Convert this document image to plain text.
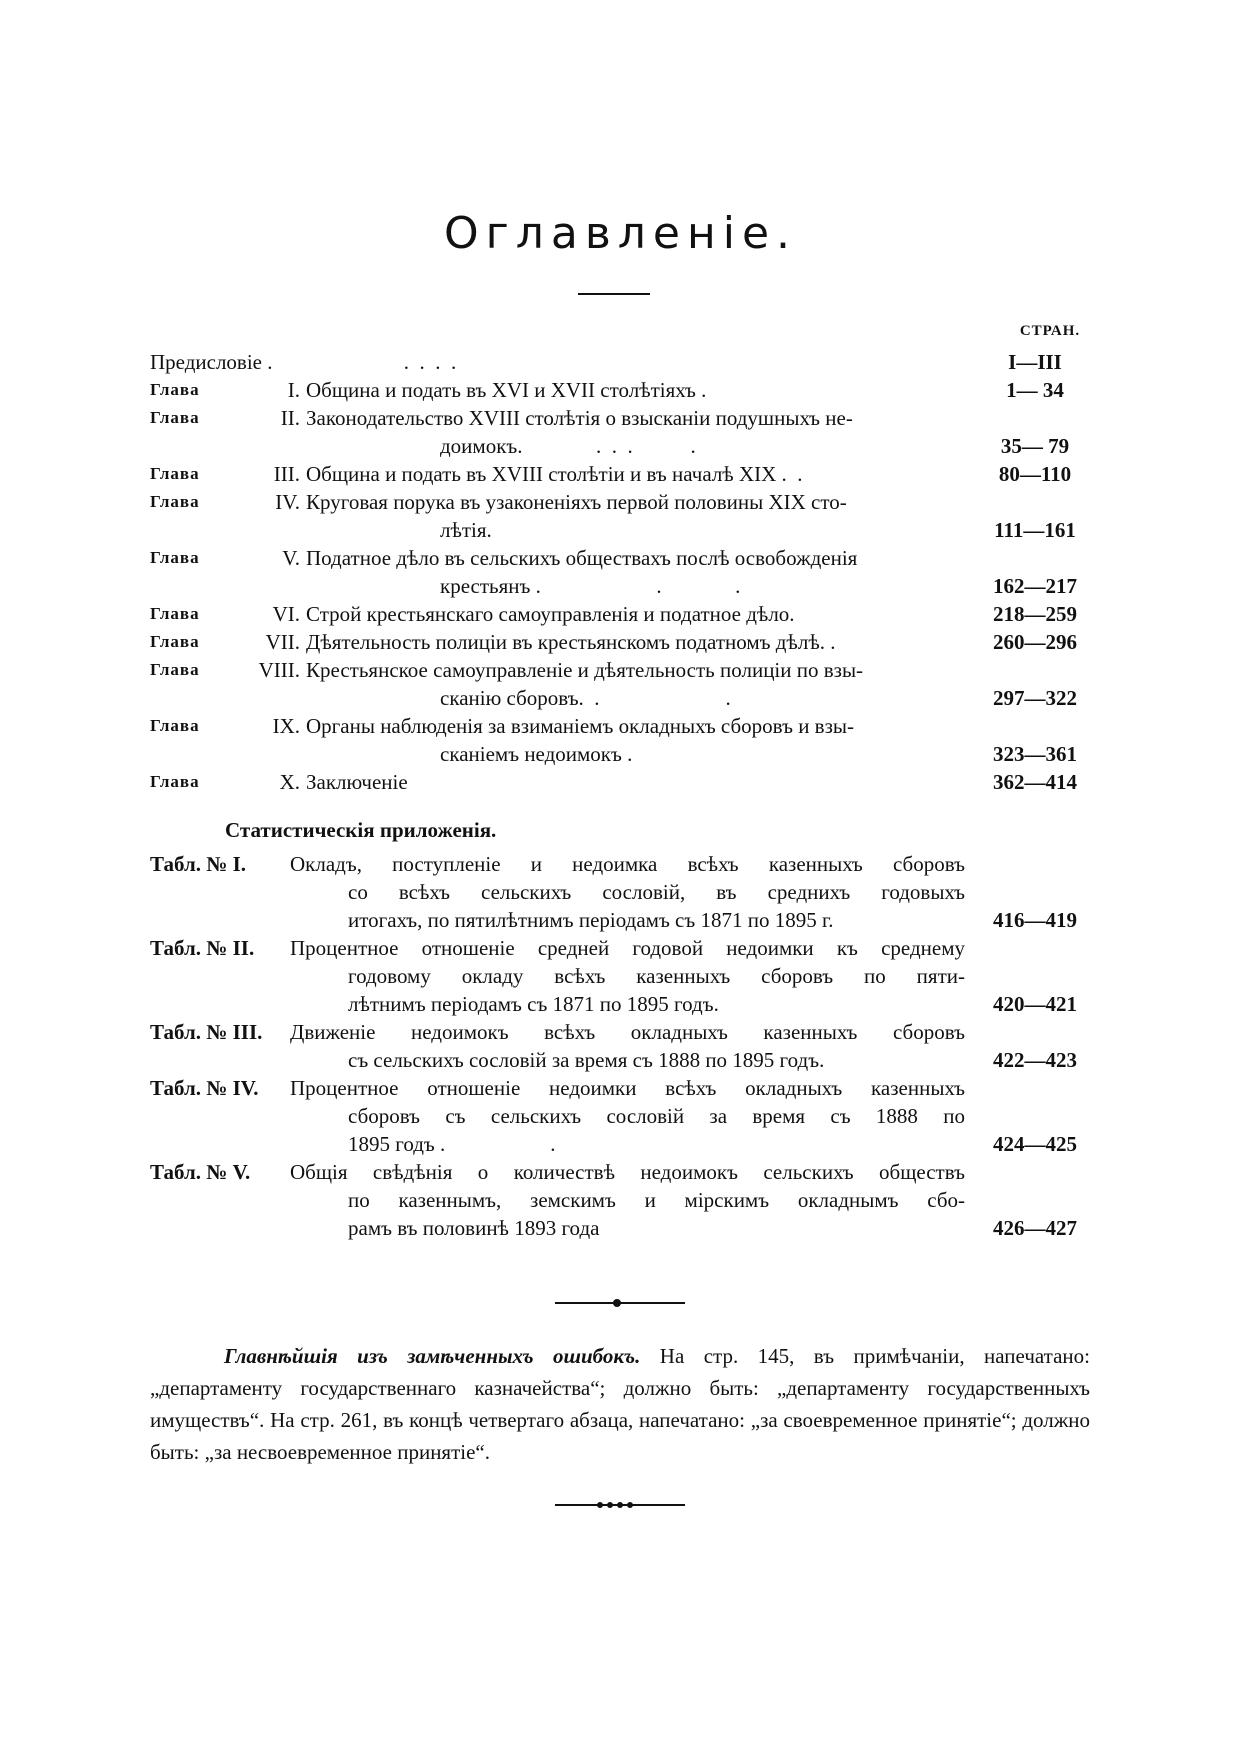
Оглавленіе.
СТРАН.
Предисловіе .                         .  .  .  .	I—III
Глава	I. Община и подать въ XVI и XVII столѣтіяхъ .	1— 34
Глава	II. Законодательство XVIII столѣтія о взысканіи подушныхъ не-
доимокъ.              .  .  .           .	35— 79
Глава	III. Община и подать въ XVIII столѣтіи и въ началѣ XIX .  .	80—110
Глава	IV. Круговая порука въ узаконеніяхъ первой половины XIX сто-
лѣтія.	111—161
Глава	V. Податное дѣло въ сельскихъ обществахъ послѣ освобожденія
крестьянъ .                      .              .	162—217
Глава	VI. Строй крестьянскаго самоуправленія и податное дѣло.	218—259
Глава	VII. Дѣятельность полиціи въ крестьянскомъ податномъ дѣлѣ. .	260—296
Глава	VIII. Крестьянское самоуправленіе и дѣятельность полиціи по взы-
сканію сборовъ.  .                        .	297—322
Глава	IX. Органы наблюденія за взиманіемъ окладныхъ сборовъ и взы-
сканіемъ недоимокъ .	323—361
Глава	X. Заключеніе	362—414
Статистическія приложенія.
Табл. № I. Окладъ, поступленіе и недоимка всѣхъ казенныхъ сборовъ
со всѣхъ сельскихъ сословій, въ среднихъ годовыхъ
итогахъ, по пятилѣтнимъ періодамъ съ 1871 по 1895 г.	416—419
Табл. № II. Процентное отношеніе средней годовой недоимки къ среднему
годовому окладу всѣхъ казенныхъ сборовъ по пяти-
лѣтнимъ періодамъ съ 1871 по 1895 годъ.	420—421
Табл. № III. Движеніе недоимокъ всѣхъ окладныхъ казенныхъ сборовъ
съ сельскихъ сословій за время съ 1888 по 1895 годъ.	422—423
Табл. № IV. Процентное отношеніе недоимки всѣхъ окладныхъ казенныхъ
сборовъ съ сельскихъ сословій за время съ 1888 по
1895 годъ .                    .	424—425
Табл. № V. Общія свѣдѣнія о количествѣ недоимокъ сельскихъ обществъ
по казеннымъ, земскимъ и мірскимъ окладнымъ сбо-
рамъ въ половинѣ 1893 года	426—427
Главнѣйшія изъ замѣченныхъ ошибокъ. На стр. 145, въ примѣчаніи, напечатано: „департаменту государственнаго казначейства“; должно быть: „департаменту государственныхъ имуществъ“. На стр. 261, въ концѣ четвертаго абзаца, напечатано: „за своевременное принятіе“; должно быть: „за несвоевременное принятіе“.
